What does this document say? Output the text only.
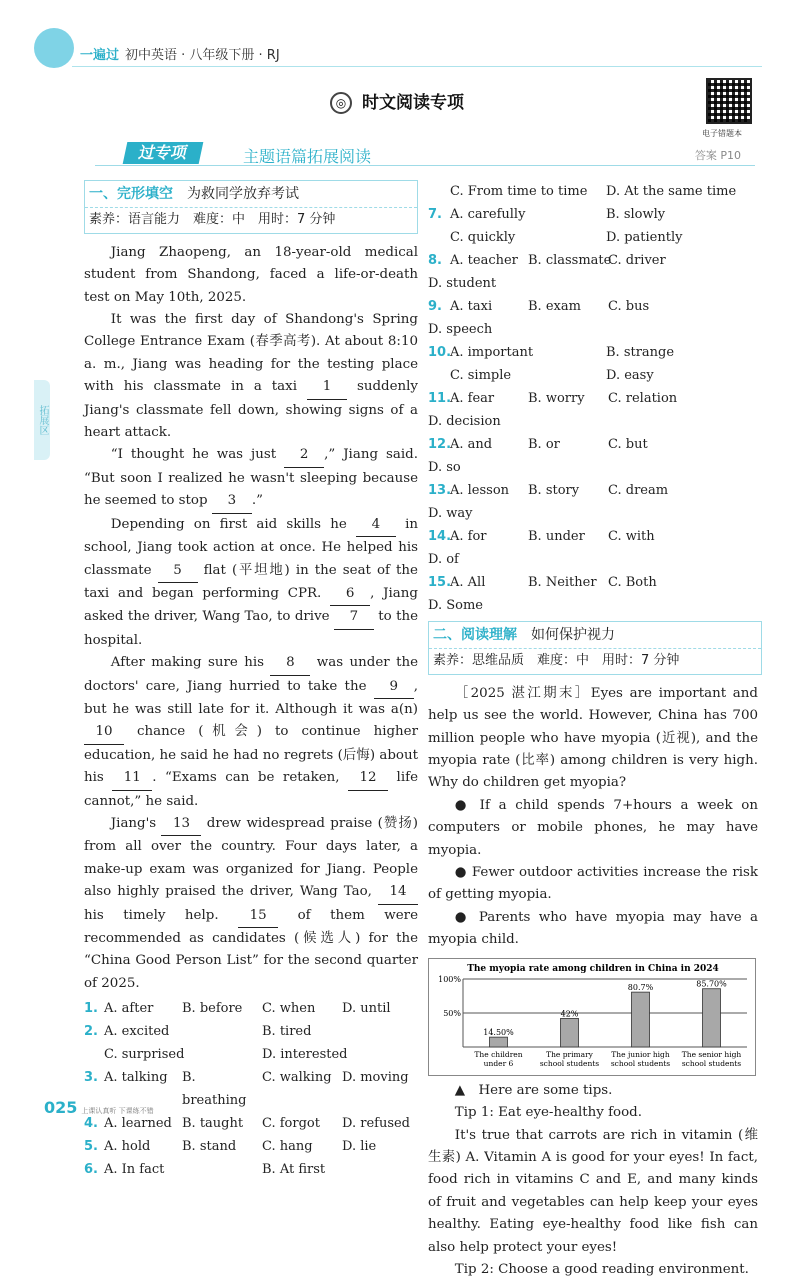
一遍过 初中英语 · 八年级下册 · RJ
◎ 时文阅读专项
电子错题本
过专项	主题语篇拓展阅读	答案 P10
拓展区
一、完形填空　 为救同学放弃考试
素养：语言能力　难度：中　用时：7 分钟
Jiang Zhaopeng, an 18-year-old medical student from Shandong, faced a life-or-death test on May 10th, 2025.
It was the first day of Shandong's Spring College Entrance Exam (春季高考). At about 8:10 a. m., Jiang was heading for the testing place with his classmate in a taxi 1 suddenly Jiang's classmate fell down, showing signs of a heart attack.
“I thought he was just 2 ,” Jiang said. “But soon I realized he wasn't sleeping because he seemed to stop 3 .”
Depending on first aid skills he 4 in school, Jiang took action at once. He helped his classmate 5 flat (平坦地) in the seat of the taxi and began performing CPR. 6 , Jiang asked the driver, Wang Tao, to drive 7 to the hospital.
After making sure his 8 was under the doctors' care, Jiang hurried to take the 9 , but he was still late for it. Although it was a(n) 10 chance (机会) to continue higher education, he said he had no regrets (后悔) about his 11 . “Exams can be retaken, 12 life cannot,” he said.
Jiang's 13 drew widespread praise (赞扬) from all over the country. Four days later, a make-up exam was organized for Jiang. People also highly praised the driver, Wang Tao, 14 his timely help. 15 of them were recommended as candidates (候选人) for the “China Good Person List” for the second quarter of 2025.
1. A. after	B. before	C. when	D. until
2. A. excited	B. tired
C. surprised	D. interested
3. A. talking	B. breathing
C. walking D. moving
4. A. learned B. taught	C. forgot	D. refused
5. A. hold	B. stand	C. hang	D. lie
6. A. In fact	B. At first
C. From time to time	D. At the same time
7. A. carefully	B. slowly
C. quickly	D. patiently
8. A. teacher B. classmate
C. driver
D. student
9. A. taxi	B. exam	C. bus
D. speech
10.
A. important	B. strange
C. simple	D. easy
11.
A. fear	B. worry	C. relation
D. decision
12.
A. and	B. or	C. but
D. so
13.
A. lesson	B. story	C. dream
D. way
14.
A. for	B. under	C. with
D. of
15.
A. All	B. Neither C. Both
D. Some
二、阅读理解　 如何保护视力
素养：思维品质　难度：中　用时：7 分钟
［2025 湛江期末］Eyes are important and help us see the world. However, China has 700 million people who have myopia (近视), and the myopia rate (比率) among children is very high. Why do children get myopia?
● If a child spends 7+hours a week on computers or mobile phones, he may have myopia.
● Fewer outdoor activities increase the risk of getting myopia.
● Parents who have myopia may have a myopia child.
The myopia rate among children in China in 2024
100%
50%
14.50%
The children
under 6
42%
The primary
school students
80.7%
The junior high
school students
85.70%
The senior high
school students
▲　Here are some tips.
Tip 1: Eat eye-healthy food.
It's true that carrots are rich in vitamin (维生素) A. Vitamin A is good for your eyes! In fact, food rich in vitamins C and E, and many kinds of fruit and vegetables can help keep your eyes healthy. Eating eye-healthy food like fish can also help protect your eyes!
Tip 2: Choose a good reading environment.
025 上课认真听 下课练不错
